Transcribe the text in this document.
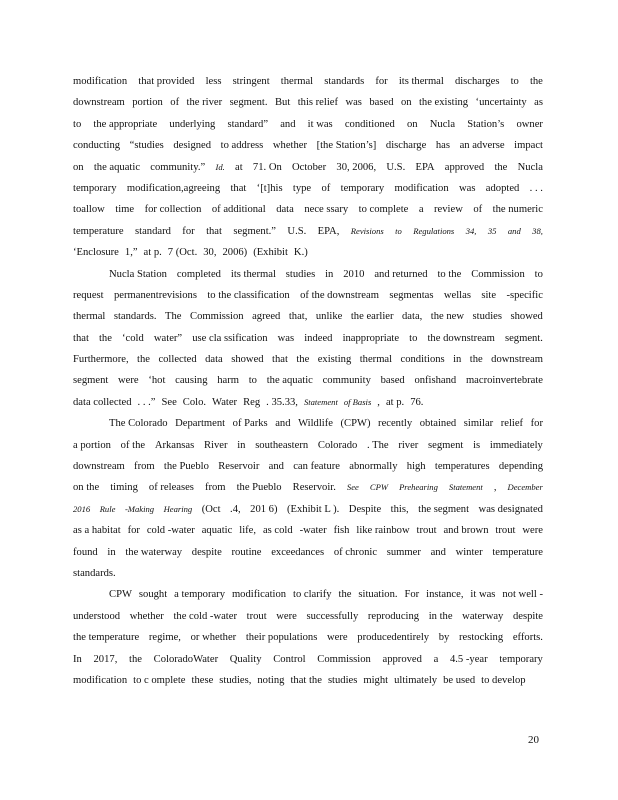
modification that provided less stringent thermal standards for its thermal discharges to the
downstream portion of the river segment. But this relief was based on the existing ‘uncertainty as
to the appropriate underlying standard” and it was conditioned on Nucla Station’s owner
conducting “studies designed to address whether [the Station’s] discharge has an adverse impact
on the aquatic community.” Id. at 71. On October 30, 2006, U.S. EPA approved the Nucla
temporary modification,agreeing that ‘[t]his type of temporary modification was adopted . . .
toallow time for collection of additional data nece ssary to complete a review of the numeric
temperature standard for that segment.” U.S. EPA, Revisions to Regulations 34, 35 and 38,
‘Enclosure 1,” at p. 7 (Oct. 30, 2006) (Exhibit K.)
Nucla Station completed its thermal studies in 2010 and returned to the Commission to
request permanentrevisions to the classification of the downstream segmentas wellas site -specific
thermal standards. The Commission agreed that, unlike the earlier data, the new studies showed
that the ‘cold water” use cla ssification was indeed inappropriate to the downstream segment.
Furthermore, the collected data showed that the existing thermal conditions in the downstream
segment were ‘hot causing harm to the aquatic community based onfishand macroinvertebrate
data collected . . .” See Colo. Water Reg . 35.33, Statement of Basis , at p. 76.
The Colorado Department of Parks and Wildlife (CPW) recently obtained similar relief for
a portion of the Arkansas River in southeastern Colorado . The river segment is immediately
downstream from the Pueblo Reservoir and can feature abnormally high temperatures depending
on the timing of releases from the Pueblo Reservoir. See CPW Prehearing Statement , December
2016 Rule -Making Hearing (Oct .4, 201 6) (Exhibit L ). Despite this, the segment was designated
as a habitat for cold -water aquatic life, as cold -water fish like rainbow trout and brown trout were
found in the waterway despite routine exceedances of chronic summer and winter temperature
standards.
CPW sought a temporary modification to clarify the situation. For instance, it was not well -
understood whether the cold -water trout were successfully reproducing in the waterway despite
the temperature regime, or whether their populations were producedentirely by restocking efforts.
In 2017, the ColoradoWater Quality Control Commission approved a 4.5 -year temporary
modification to c omplete these studies, noting that the studies might ultimately be used to develop
20
